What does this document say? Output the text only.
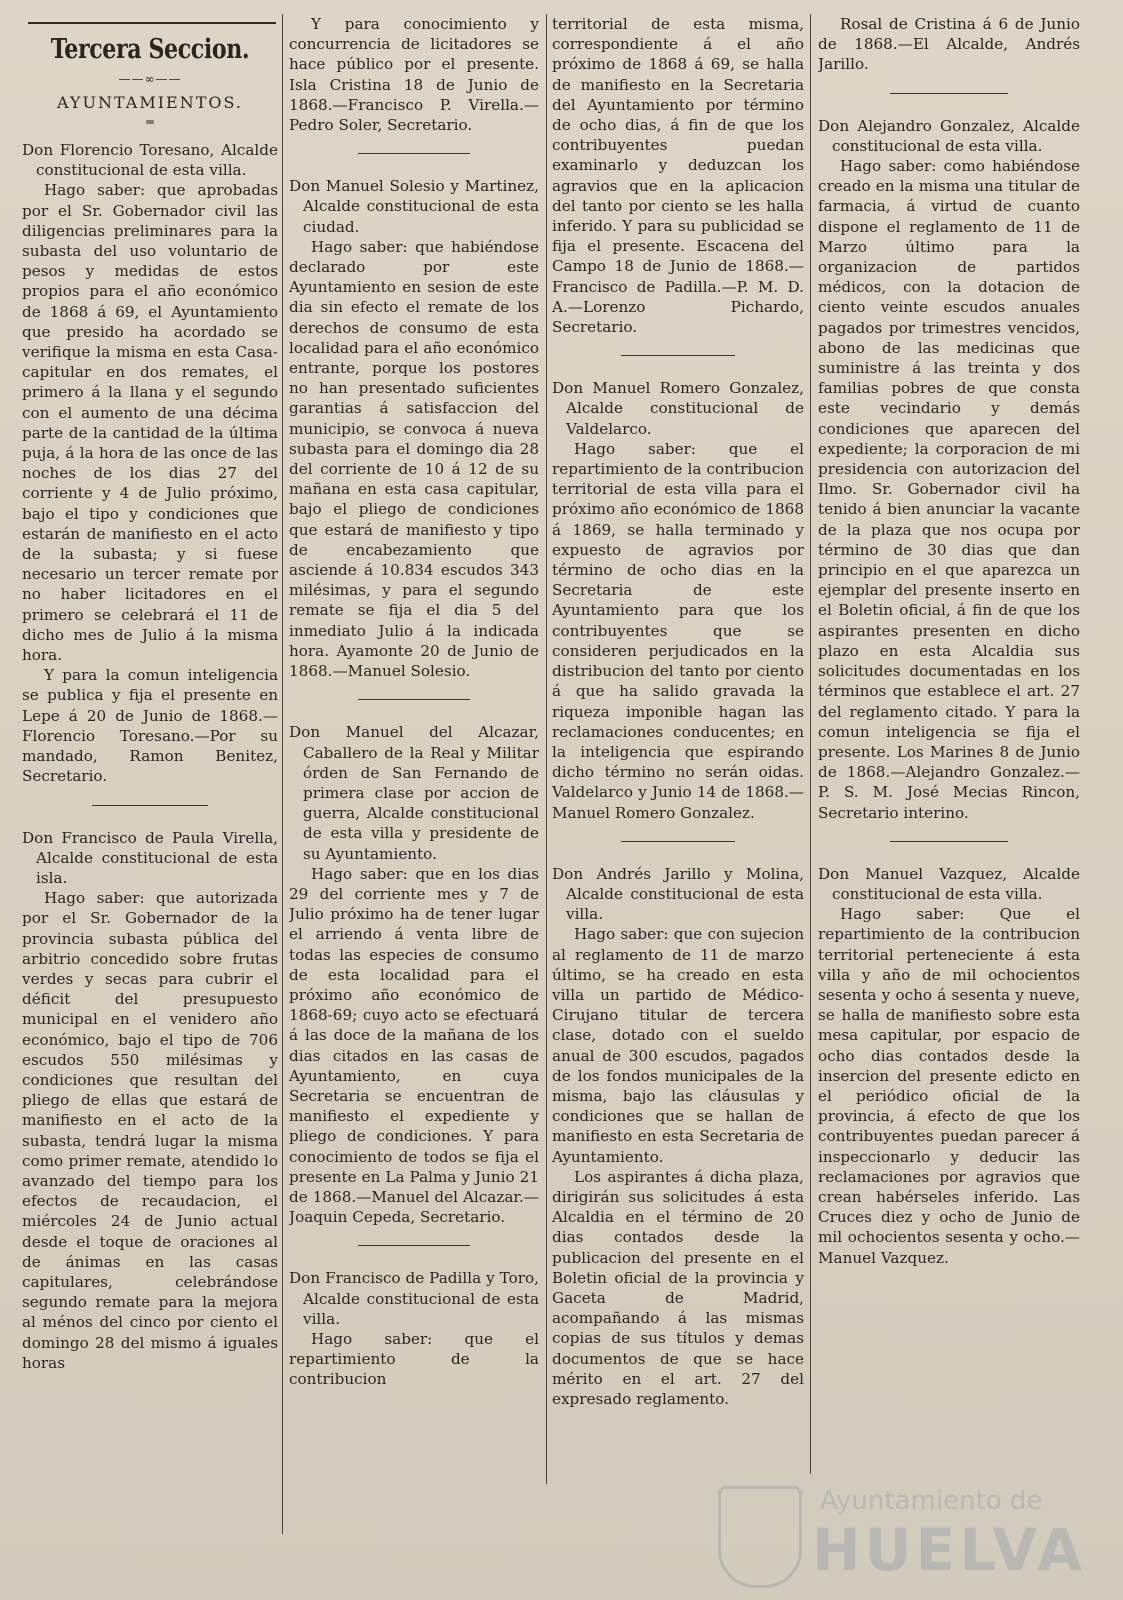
Tercera Seccion.
——∞——
AYUNTAMIENTOS.
═

Don Florencio Toresano, Alcalde constitucional de esta villa.

Hago saber: que aprobadas por el Sr. Gobernador civil las diligencias preliminares para la subasta del uso voluntario de pesos y medidas de estos propios para el año económico de 1868 á 69, el Ayuntamiento que presido ha acordado se verifique la misma en esta Casa-capitular en dos remates, el primero á la llana y el segundo con el aumento de una décima parte de la cantidad de la última puja, á la hora de las once de las noches de los dias 27 del corriente y 4 de Julio próximo, bajo el tipo y condiciones que estarán de manifiesto en el acto de la subasta; y si fuese necesario un tercer remate por no haber licitadores en el primero se celebrará el 11 de dicho mes de Julio á la misma hora.

Y para la comun inteligencia se publica y fija el presente en Lepe á 20 de Junio de 1868.—Florencio Toresano.—Por su mandado, Ramon Benitez, Secretario.

Don Francisco de Paula Virella, Alcalde constitucional de esta isla.

Hago saber: que autorizada por el Sr. Gobernador de la provincia subasta pública del arbitrio concedido sobre frutas verdes y secas para cubrir el déficit del presupuesto municipal en el venidero año económico, bajo el tipo de 706 escudos 550 milésimas y condiciones que resultan del pliego de ellas que estará de manifiesto en el acto de la subasta, tendrá lugar la misma como primer remate, atendido lo avanzado del tiempo para los efectos de recaudacion, el miércoles 24 de Junio actual desde el toque de oraciones al de ánimas en las casas capitulares, celebrándose segundo remate para la mejora al ménos del cinco por ciento el domingo 28 del mismo á iguales horas

Y para conocimiento y concurrencia de licitadores se hace público por el presente. Isla Cristina 18 de Junio de 1868.—Francisco P. Virella.—Pedro Soler, Secretario.

Don Manuel Solesio y Martinez, Alcalde constitucional de esta ciudad.

Hago saber: que habiéndose declarado por este Ayuntamiento en sesion de este dia sin efecto el remate de los derechos de consumo de esta localidad para el año económico entrante, porque los postores no han presentado suficientes garantias á satisfaccion del municipio, se convoca á nueva subasta para el domingo dia 28 del corriente de 10 á 12 de su mañana en esta casa capitular, bajo el pliego de condiciones que estará de manifiesto y tipo de encabezamiento que asciende á 10.834 escudos 343 milésimas, y para el segundo remate se fija el dia 5 del inmediato Julio á la indicada hora. Ayamonte 20 de Junio de 1868.—Manuel Solesio.

Don Manuel del Alcazar, Caballero de la Real y Militar órden de San Fernando de primera clase por accion de guerra, Alcalde constitucional de esta villa y presidente de su Ayuntamiento.

Hago saber: que en los dias 29 del corriente mes y 7 de Julio próximo ha de tener lugar el arriendo á venta libre de todas las especies de consumo de esta localidad para el próximo año económico de 1868-69; cuyo acto se efectuará á las doce de la mañana de los dias citados en las casas de Ayuntamiento, en cuya Secretaria se encuentran de manifiesto el expediente y pliego de condiciones. Y para conocimiento de todos se fija el presente en La Palma y Junio 21 de 1868.—Manuel del Alcazar.—Joaquin Cepeda, Secretario.

Don Francisco de Padilla y Toro, Alcalde constitucional de esta villa.

Hago saber: que el repartimiento de la contribucion

territorial de esta misma, correspondiente á el año próximo de 1868 á 69, se halla de manifiesto en la Secretaria del Ayuntamiento por término de ocho dias, á fin de que los contribuyentes puedan examinarlo y deduzcan los agravios que en la aplicacion del tanto por ciento se les halla inferido. Y para su publicidad se fija el presente. Escacena del Campo 18 de Junio de 1868.—Francisco de Padilla.—P. M. D. A.—Lorenzo Pichardo, Secretario.

Don Manuel Romero Gonzalez, Alcalde constitucional de Valdelarco.

Hago saber: que el repartimiento de la contribucion territorial de esta villa para el próximo año económico de 1868 á 1869, se halla terminado y expuesto de agravios por término de ocho dias en la Secretaria de este Ayuntamiento para que los contribuyentes que se consideren perjudicados en la distribucion del tanto por ciento á que ha salido gravada la riqueza imponible hagan las reclamaciones conducentes; en la inteligencia que espirando dicho término no serán oidas. Valdelarco y Junio 14 de 1868.—Manuel Romero Gonzalez.

Don Andrés Jarillo y Molina, Alcalde constitucional de esta villa.

Hago saber: que con sujecion al reglamento de 11 de marzo último, se ha creado en esta villa un partido de Médico-Cirujano titular de tercera clase, dotado con el sueldo anual de 300 escudos, pagados de los fondos municipales de la misma, bajo las cláusulas y condiciones que se hallan de manifiesto en esta Secretaria de Ayuntamiento.

Los aspirantes á dicha plaza, dirigirán sus solicitudes á esta Alcaldia en el término de 20 dias contados desde la publicacion del presente en el Boletin oficial de la provincia y Gaceta de Madrid, acompañando á las mismas copias de sus títulos y demas documentos de que se hace mérito en el art. 27 del expresado reglamento.

Rosal de Cristina á 6 de Junio de 1868.—El Alcalde, Andrés Jarillo.

Don Alejandro Gonzalez, Alcalde constitucional de esta villa.

Hago saber: como habiéndose creado en la misma una titular de farmacia, á virtud de cuanto dispone el reglamento de 11 de Marzo último para la organizacion de partidos médicos, con la dotacion de ciento veinte escudos anuales pagados por trimestres vencidos, abono de las medicinas que suministre á las treinta y dos familias pobres de que consta este vecindario y demás condiciones que aparecen del expediente; la corporacion de mi presidencia con autorizacion del Ilmo. Sr. Gobernador civil ha tenido á bien anunciar la vacante de la plaza que nos ocupa por término de 30 dias que dan principio en el que aparezca un ejemplar del presente inserto en el Boletin oficial, á fin de que los aspirantes presenten en dicho plazo en esta Alcaldia sus solicitudes documentadas en los términos que establece el art. 27 del reglamento citado. Y para la comun inteligencia se fija el presente. Los Marines 8 de Junio de 1868.—Alejandro Gonzalez.—P. S. M. José Mecias Rincon, Secretario interino.

Don Manuel Vazquez, Alcalde constitucional de esta villa.

Hago saber: Que el repartimiento de la contribucion territorial perteneciente á esta villa y año de mil ochocientos sesenta y ocho á sesenta y nueve, se halla de manifiesto sobre esta mesa capitular, por espacio de ocho dias contados desde la insercion del presente edicto en el periódico oficial de la provincia, á efecto de que los contribuyentes puedan parecer á inspeccionarlo y deducir las reclamaciones por agravios que crean habérseles inferido. Las Cruces diez y ocho de Junio de mil ochocientos sesenta y ocho.—Manuel Vazquez.

Ayuntamiento de
HUELVA
